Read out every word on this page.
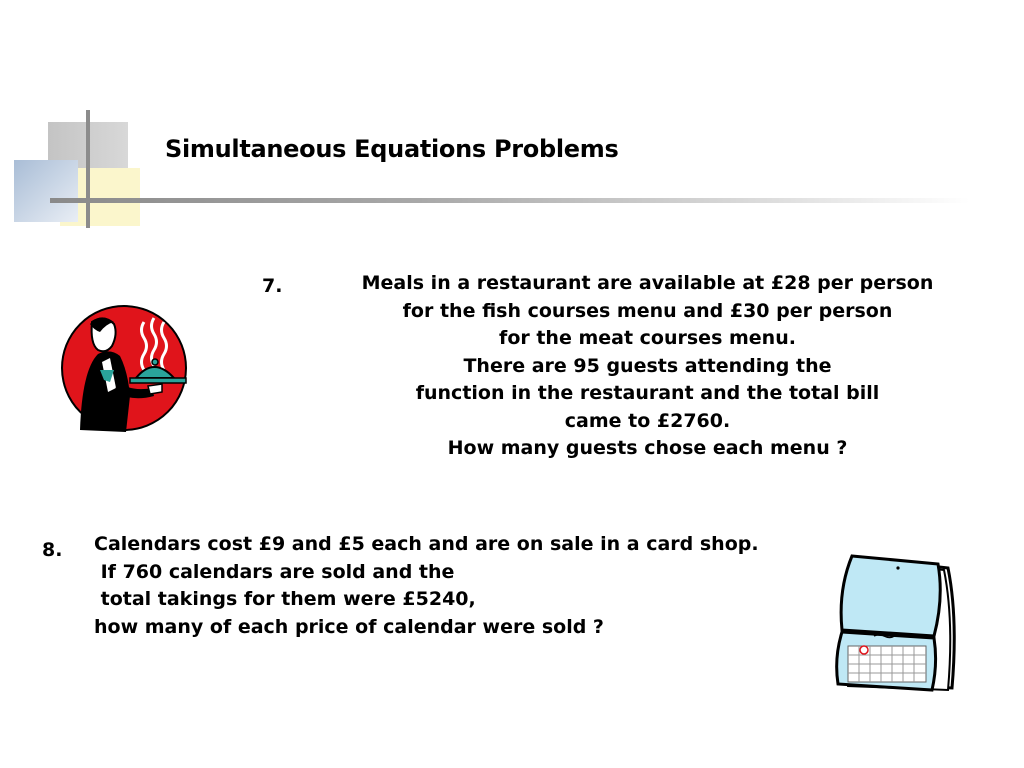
Simultaneous Equations Problems
7.	Meals in a restaurant are available at £28 per person
for the fish courses menu and £30 per person
for the meat courses menu.
There are 95 guests attending the
function in the restaurant and the total bill
came to £2760.
How many guests chose each menu ?
8. Calendars cost £9 and £5 each and are on sale in a card shop.
If 760 calendars are sold and the
total takings for them were £5240,
how many of each price of calendar were sold ?
